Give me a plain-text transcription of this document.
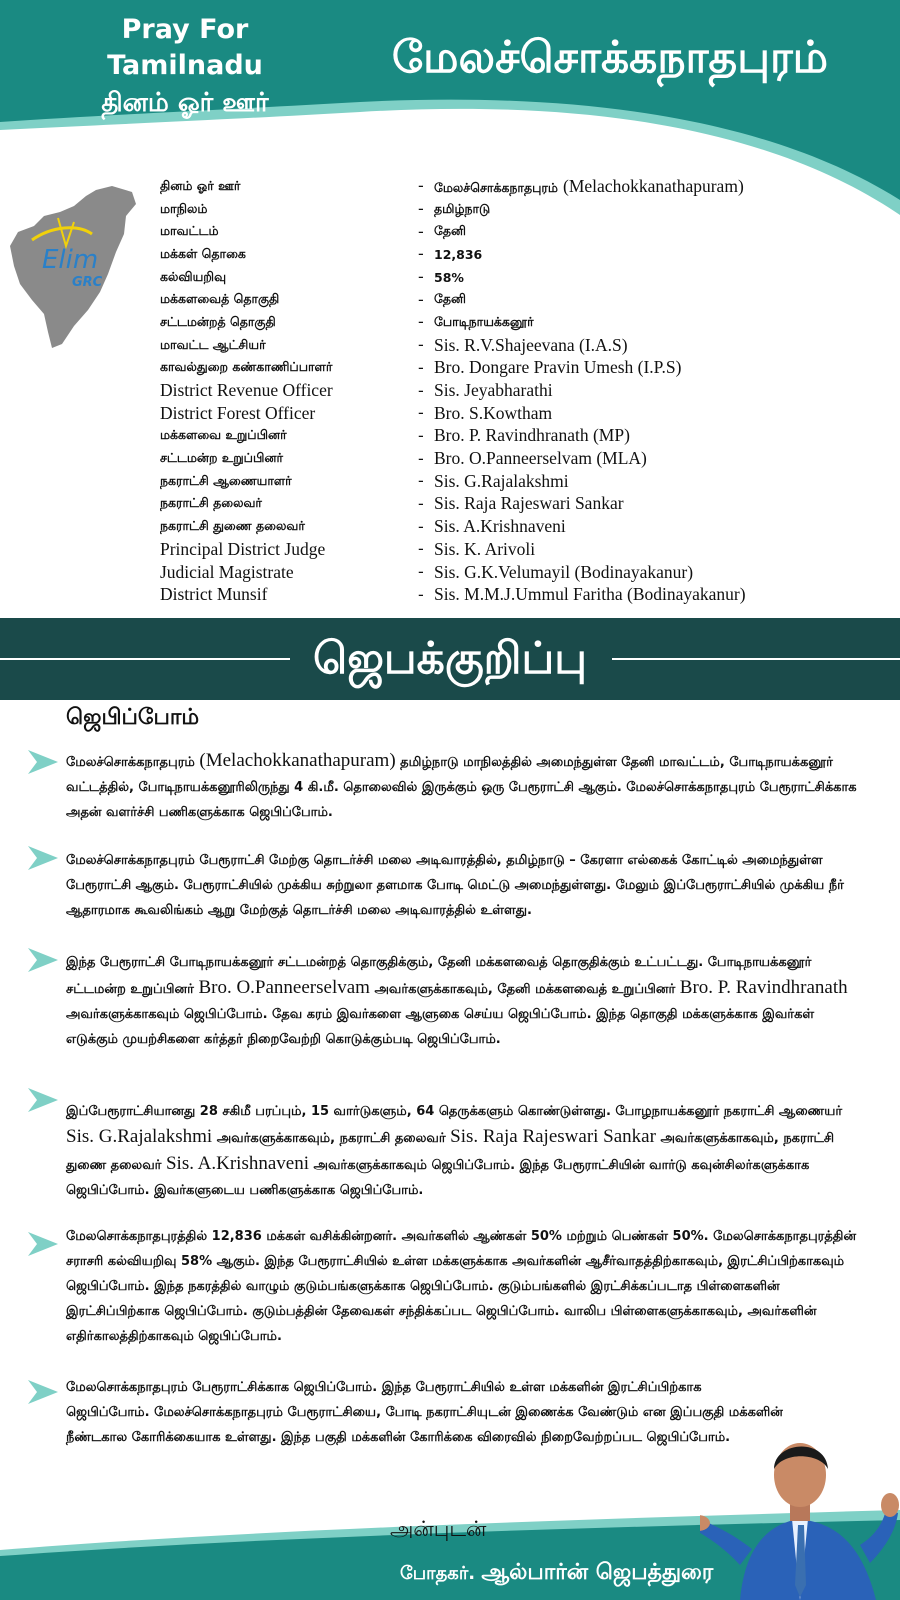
Pray For Tamilnadu
தினம் ஓர் ஊர்
மேலச்சொக்கநாதபுரம்
Elim
GRC
தினம் ஓர் ஊர்	- மேலச்சொக்கநாதபுரம் (Melachokkanathapuram)
மாநிலம்	- தமிழ்நாடு
மாவட்டம்	- தேனி
மக்கள் தொகை	- 12,836
கல்வியறிவு	- 58%
மக்களவைத் தொகுதி	- தேனி
சட்டமன்றத் தொகுதி	- போடிநாயக்கனூர்
மாவட்ட ஆட்சியர்	- Sis. R.V.Shajeevana (I.A.S)
காவல்துறை கண்காணிப்பாளர்	- Bro. Dongare Pravin Umesh (I.P.S)
District Revenue Officer	- Sis. Jeyabharathi
District Forest Officer	- Bro. S.Kowtham
மக்களவை உறுப்பினர்	- Bro. P. Ravindhranath (MP)
சட்டமன்ற உறுப்பினர்	- Bro. O.Panneerselvam (MLA)
நகராட்சி ஆணையாளர்	- Sis. G.Rajalakshmi
நகராட்சி தலைவர்	- Sis. Raja Rajeswari Sankar
நகராட்சி துணை தலைவர்	- Sis. A.Krishnaveni
Principal District Judge	- Sis. K. Arivoli
Judicial Magistrate	- Sis. G.K.Velumayil (Bodinayakanur)
District Munsif	- Sis. M.M.J.Ummul Faritha (Bodinayakanur)
ஜெபக்குறிப்பு
ஜெபிப்போம்
மேலச்சொக்கநாதபுரம் (Melachokkanathapuram) தமிழ்நாடு மாநிலத்தில் அமைந்துள்ள தேனி மாவட்டம், போடிநாயக்கனூர் வட்டத்தில், போடிநாயக்கனூரிலிருந்து 4 கி.மீ. தொலைவில் இருக்கும் ஒரு பேரூராட்சி ஆகும். மேலச்சொக்கநாதபுரம் பேரூராட்சிக்காக அதன் வளர்ச்சி பணிகளுக்காக ஜெபிப்போம்.
மேலச்சொக்கநாதபுரம் பேரூராட்சி மேற்கு தொடர்ச்சி மலை அடிவாரத்தில், தமிழ்நாடு – கேரளா எல்கைக் கோட்டில் அமைந்துள்ள பேரூராட்சி ஆகும். பேரூராட்சியில் முக்கிய சுற்றுலா தளமாக போடி மெட்டு அமைந்துள்ளது. மேலும் இப்பேரூராட்சியில் முக்கிய நீர் ஆதாரமாக கூவலிங்கம் ஆறு மேற்குத் தொடர்ச்சி மலை அடிவாரத்தில் உள்ளது.
இந்த பேரூராட்சி போடிநாயக்கனூர் சட்டமன்றத் தொகுதிக்கும், தேனி மக்களவைத் தொகுதிக்கும் உட்பட்டது. போடிநாயக்கனூர் சட்டமன்ற உறுப்பினர் Bro. O.Panneerselvam அவர்களுக்காகவும், தேனி மக்களவைத் உறுப்பினர் Bro. P. Ravindhranath அவர்களுக்காகவும் ஜெபிப்போம். தேவ கரம் இவர்களை ஆளுகை செய்ய ஜெபிப்போம். இந்த தொகுதி மக்களுக்காக இவர்கள் எடுக்கும் முயற்சிகளை கர்த்தர் நிறைவேற்றி கொடுக்கும்படி ஜெபிப்போம்.
இப்பேரூராட்சியானது 28 சகிமீ பரப்பும், 15 வார்டுகளும், 64 தெருக்களும் கொண்டுள்ளது. போழநாயக்கனூர் நகராட்சி ஆணையர் Sis. G.Rajalakshmi அவர்களுக்காகவும், நகராட்சி தலைவர் Sis. Raja Rajeswari Sankar அவர்களுக்காகவும், நகராட்சி துணை தலைவர் Sis. A.Krishnaveni அவர்களுக்காகவும் ஜெபிப்போம். இந்த பேரூராட்சியின் வார்டு கவுன்சிலர்களுக்காக ஜெபிப்போம். இவர்களுடைய பணிகளுக்காக ஜெபிப்போம்.
மேலசொக்கநாதபுரத்தில் 12,836 மக்கள் வசிக்கின்றனர். அவர்களில் ஆண்கள் 50% மற்றும் பெண்கள் 50%. மேலசொக்கநாதபுரத்தின் சராசரி கல்வியறிவு 58% ஆகும். இந்த பேரூராட்சியில் உள்ள மக்களுக்காக அவர்களின் ஆசீர்வாதத்திற்காகவும், இரட்சிப்பிற்காகவும் ஜெபிப்போம். இந்த நகரத்தில் வாழும் குடும்பங்களுக்காக ஜெபிப்போம். குடும்பங்களில் இரட்சிக்கப்படாத பிள்ளைகளின் இரட்சிப்பிற்காக ஜெபிப்போம். குடும்பத்தின் தேவைகள் சந்திக்கப்பட ஜெபிப்போம். வாலிப பிள்ளைகளுக்காகவும், அவர்களின் எதிர்காலத்திற்காகவும் ஜெபிப்போம்.
மேலசொக்கநாதபுரம் பேரூராட்சிக்காக ஜெபிப்போம். இந்த பேரூராட்சியில் உள்ள மக்களின் இரட்சிப்பிற்காக ஜெபிப்போம். மேலச்சொக்கநாதபுரம் பேரூராட்சியை, போடி நகராட்சியுடன் இணைக்க வேண்டும் என இப்பகுதி மக்களின் நீண்டகால கோரிக்கையாக உள்ளது. இந்த பகுதி மக்களின் கோரிக்கை விரைவில் நிறைவேற்றப்பட ஜெபிப்போம்.
அன்புடன்
போதகர். ஆல்பார்ன் ஜெபத்துரை
